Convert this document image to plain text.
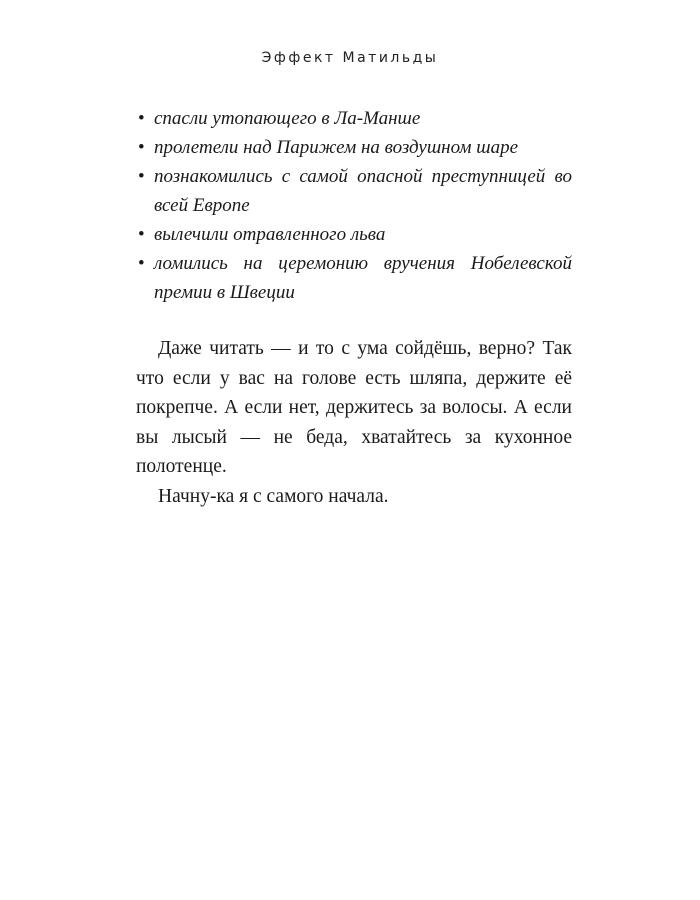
Эффект Матильды
• спасли утопающего в Ла-Манше
• пролетели над Парижем на воздушном шаре
• познакомились с самой опасной преступницей во всей Европе
• вылечили отравленного льва
• ломились на церемонию вручения Нобелевской премии в Швеции

Даже читать — и то с ума сойдёшь, верно? Так что если у вас на голове есть шляпа, держите её покрепче. А если нет, держитесь за волосы. А если вы лысый — не беда, хватайтесь за кухонное полотенце.

Начну-ка я с самого начала.
